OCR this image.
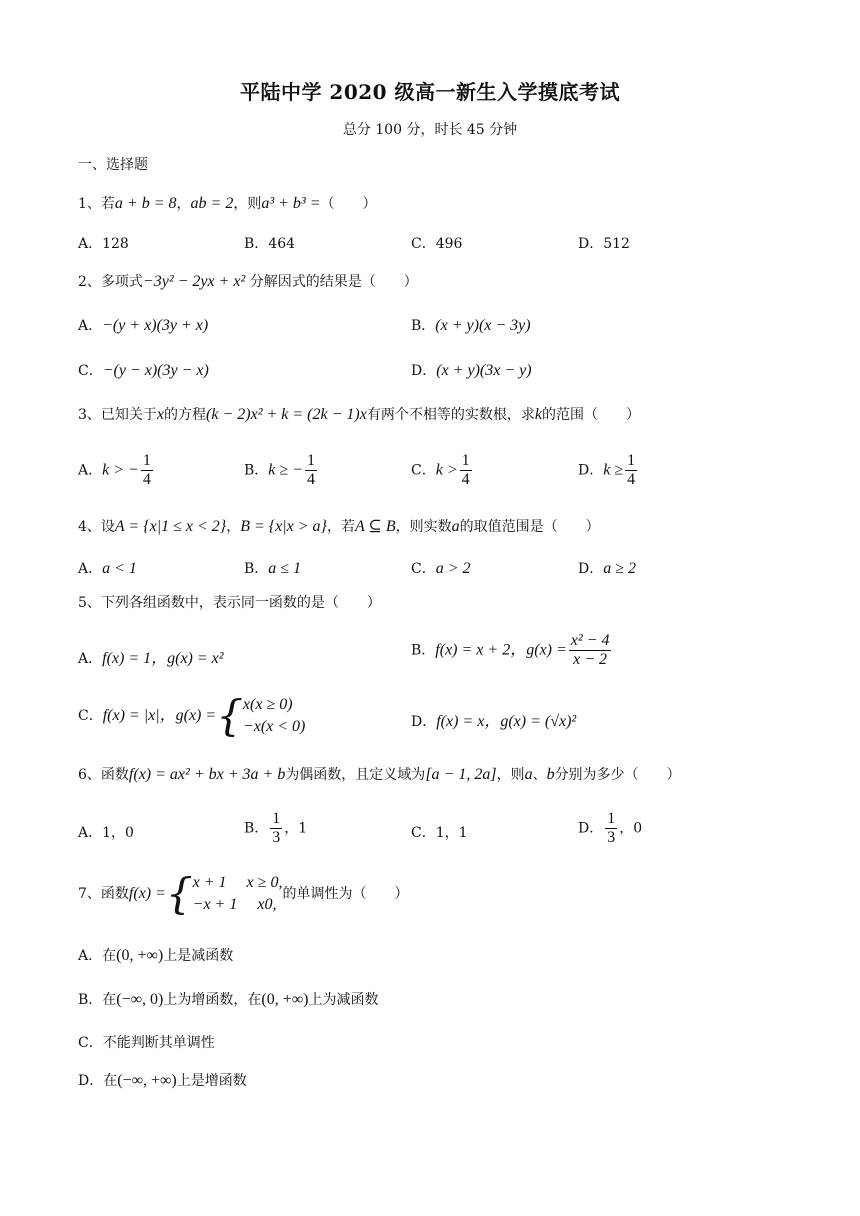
平陆中学 2020 级高一新生入学摸底考试
总分 100 分，时长 45 分钟
一、选择题
1、若a + b = 8，ab = 2，则a³ + b³ =（　　）
A．128	B．464	C．496	D．512
2、多项式−3y² − 2yx + x² 分解因式的结果是（　　）
A．−(y + x)(3y + x)	B．(x + y)(x − 3y)
C．−(y − x)(3y − x)	D．(x + y)(3x − y)
3、已知关于x的方程(k − 2)x² + k = (2k − 1)x有两个不相等的实数根，求k的范围（　　）
A．k > − $\frac{1}{4}$	B．k ≥ − $\frac{1}{4}$	C．$k > \frac{1}{4}$	D．$k \ge \frac{1}{4}$
4、设A = {x|1 ≤ x < 2}，B = {x|x > a}，若A ⊆ B，则实数a的取值范围是（　　）
A．a < 1	B．a ≤ 1	C．a > 2	D．a ≥ 2
5、下列各组函数中，表示同一函数的是（　　）
A．f(x) = 1，g(x) = x²	B．f(x) = x + 2，$g(x) = \frac{\text{x² − 4}}{x - 2}$
C．f(x) = |x|，g(x) ={ x(x ≥ 0)
−x(x < 0)	D．f(x) = x，g(x) = (√x)²
6、函数f(x) = ax² + bx + 3a + b为偶函数，且定义域为[a − 1, 2a]，则a、b分别为多少（　　）
A．1，0	B． $\frac{1}{3}$ ，1	C．1，1	D． $\frac{1}{3}$ ，0
7、函数f(x) ={ x + 1　 x ≥ 0,
−x + 1　 x0,
的单调性为（　　）
A．在(0, +∞)上是减函数
B．在(−∞, 0)上为增函数，在(0, +∞)上为减函数
C．不能判断其单调性
D．在(−∞, +∞)上是增函数
